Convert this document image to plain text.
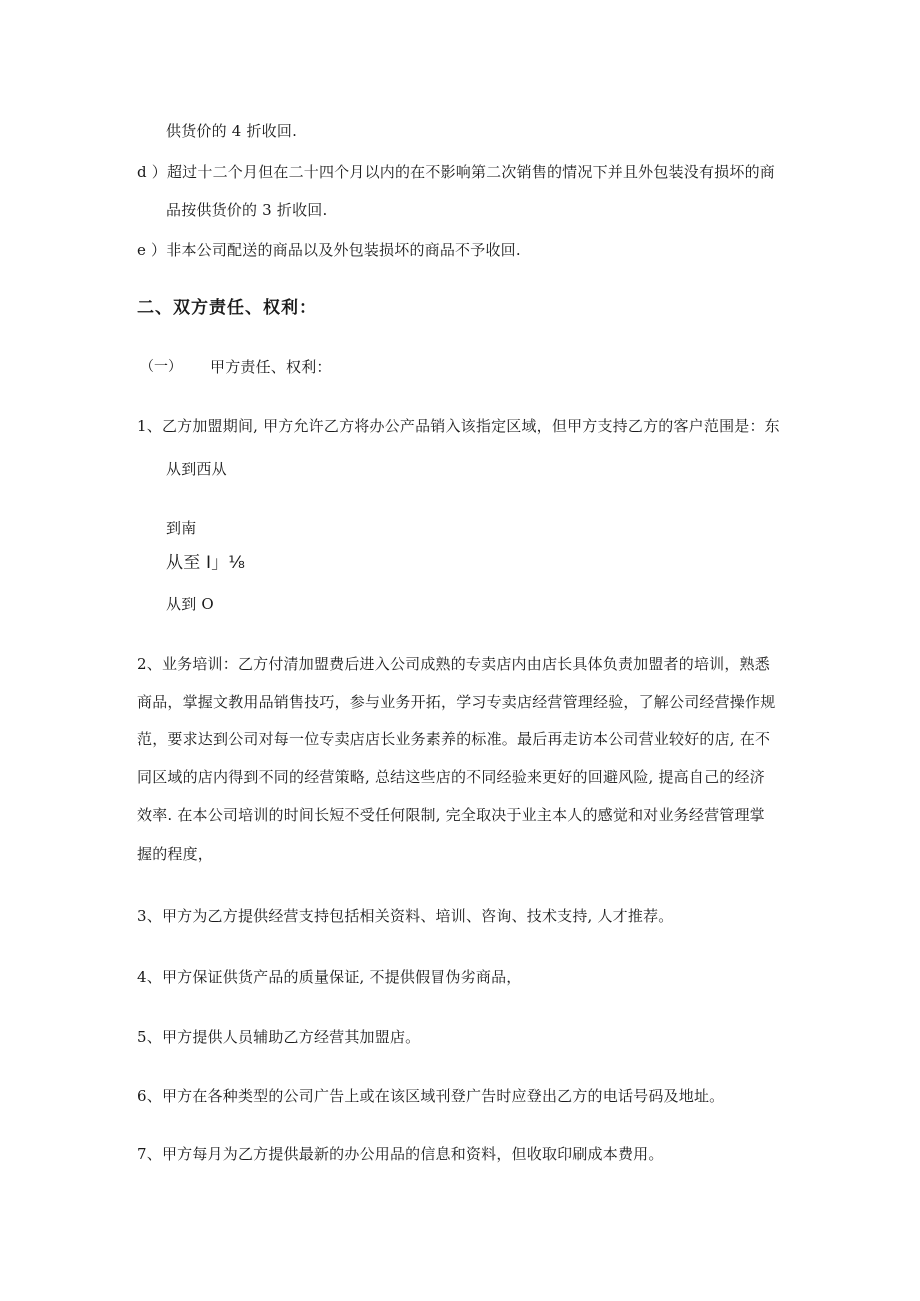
供货价的 4 折收回.
d ）超过十二个月但在二十四个月以内的在不影响第二次销售的情况下并且外包装没有损坏的商
品按供货价的 3 折收回.
e ）非本公司配送的商品以及外包装损坏的商品不予收回.
二、双方责任、权利：
（一） 甲方责任、权利：
1、乙方加盟期间, 甲方允许乙方将办公产品销入该指定区域，但甲方支持乙方的客户范围是：东
从到西从
到南
从至 I」⅛
从到 O
2、业务培训：乙方付清加盟费后进入公司成熟的专卖店内由店长具体负责加盟者的培训，熟悉
商品，掌握文教用品销售技巧，参与业务开拓，学习专卖店经营管理经验，了解公司经营操作规
范，要求达到公司对每一位专卖店店长业务素养的标准。最后再走访本公司营业较好的店, 在不
同区域的店内得到不同的经营策略, 总结这些店的不同经验来更好的回避风险, 提高自己的经济
效率. 在本公司培训的时间长短不受任何限制, 完全取决于业主本人的感觉和对业务经营管理掌
握的程度，
3、甲方为乙方提供经营支持包括相关资料、培训、咨询、技术支持, 人才推荐。
4、甲方保证供货产品的质量保证, 不提供假冒伪劣商品，
5、甲方提供人员辅助乙方经营其加盟店。
6、甲方在各种类型的公司广告上或在该区域刊登广告时应登出乙方的电话号码及地址。
7、甲方每月为乙方提供最新的办公用品的信息和资料，但收取印刷成本费用。
